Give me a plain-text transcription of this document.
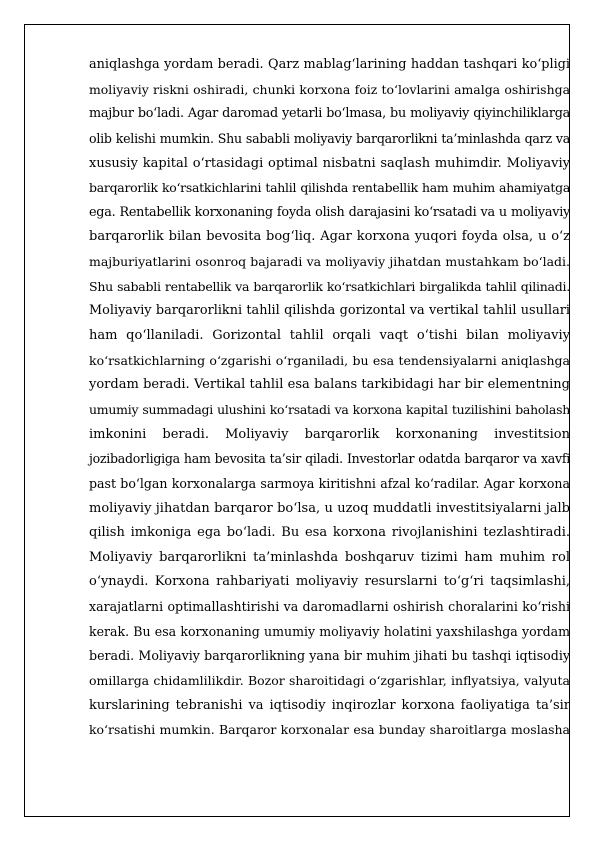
aniqlashga yordam beradi. Qarz mablag‘larining haddan tashqari ko‘pligi
moliyaviy riskni oshiradi, chunki korxona foiz to‘lovlarini amalga oshirishga
majbur bo‘ladi. Agar daromad yetarli bo‘lmasa, bu moliyaviy qiyinchiliklarga
olib kelishi mumkin. Shu sababli moliyaviy barqarorlikni ta’minlashda qarz va
xususiy kapital o‘rtasidagi optimal nisbatni saqlash muhimdir. Moliyaviy
barqarorlik ko‘rsatkichlarini tahlil qilishda rentabellik ham muhim ahamiyatga
ega. Rentabellik korxonaning foyda olish darajasini ko‘rsatadi va u moliyaviy
barqarorlik bilan bevosita bog‘liq. Agar korxona yuqori foyda olsa, u o‘z
majburiyatlarini osonroq bajaradi va moliyaviy jihatdan mustahkam bo‘ladi.
Shu sababli rentabellik va barqarorlik ko‘rsatkichlari birgalikda tahlil qilinadi.
Moliyaviy barqarorlikni tahlil qilishda gorizontal va vertikal tahlil usullari
ham qo‘llaniladi. Gorizontal tahlil orqali vaqt o‘tishi bilan moliyaviy
ko‘rsatkichlarning o‘zgarishi o‘rganiladi, bu esa tendensiyalarni aniqlashga
yordam beradi. Vertikal tahlil esa balans tarkibidagi har bir elementning
umumiy summadagi ulushini ko‘rsatadi va korxona kapital tuzilishini baholash
imkonini beradi. Moliyaviy barqarorlik korxonaning investitsion
jozibadorligiga ham bevosita ta’sir qiladi. Investorlar odatda barqaror va xavfi
past bo‘lgan korxonalarga sarmoya kiritishni afzal ko‘radilar. Agar korxona
moliyaviy jihatdan barqaror bo‘lsa, u uzoq muddatli investitsiyalarni jalb
qilish imkoniga ega bo‘ladi. Bu esa korxona rivojlanishini tezlashtiradi.
Moliyaviy barqarorlikni ta’minlashda boshqaruv tizimi ham muhim rol
o‘ynaydi. Korxona rahbariyati moliyaviy resurslarni to‘g‘ri taqsimlashi,
xarajatlarni optimallashtirishi va daromadlarni oshirish choralarini ko‘rishi
kerak. Bu esa korxonaning umumiy moliyaviy holatini yaxshilashga yordam
beradi. Moliyaviy barqarorlikning yana bir muhim jihati bu tashqi iqtisodiy
omillarga chidamlilikdir. Bozor sharoitidagi o‘zgarishlar, inflyatsiya, valyuta
kurslarining tebranishi va iqtisodiy inqirozlar korxona faoliyatiga ta’sir
ko‘rsatishi mumkin. Barqaror korxonalar esa bunday sharoitlarga moslasha
